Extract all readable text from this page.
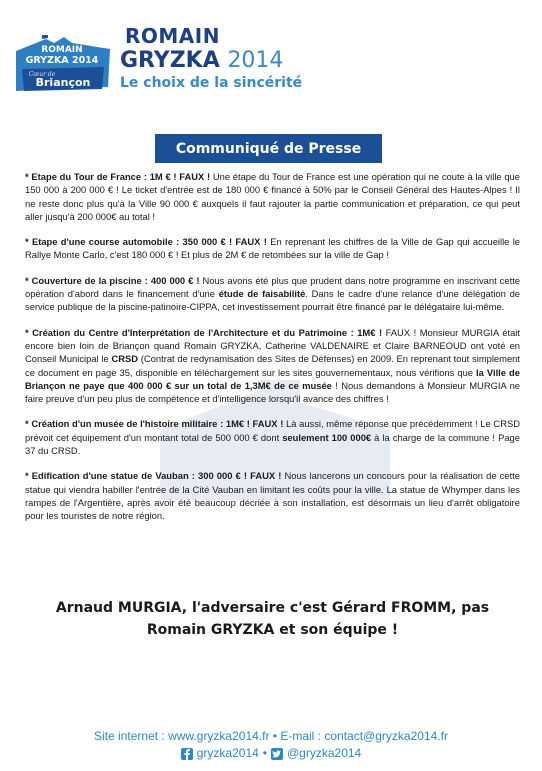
ROMAIN
GRYZKA 2014
Cœur de
Briançon
ROMAIN
GRYZKA 2014
Le choix de la sincérité
Communiqué de Presse

* Etape du Tour de France : 1M € ! FAUX ! Une étape du Tour de France est une opération qui ne coute à la ville que 150 000 à 200 000 € ! Le ticket d'entrée est de 180 000 € financé à 50% par le Conseil Général des Hautes-Alpes ! Il ne reste donc plus qu'à la Ville 90 000 € auxquels il faut rajouter la partie communication et préparation, ce qui peut aller jusqu'à 200 000€ au total !

* Etape d'une course automobile : 350 000 € ! FAUX ! En reprenant les chiffres de la Ville de Gap qui accueille le Rallye Monte Carlo, c'est 180 000 € ! Et plus de 2M € de retombées sur la ville de Gap !

* Couverture de la piscine : 400 000 € ! Nous avons été plus que prudent dans notre programme en inscrivant cette opération d'abord dans le financement d'une étude de faisabilité. Dans le cadre d'une relance d'une délégation de service publique de la piscine-patinoire-CIPPA, cet investissement pourrait être financé par le délégataire lui-même.

* Création du Centre d'Interprétation de l'Architecture et du Patrimoine : 1M€ ! FAUX ! Monsieur MURGIA était encore bien loin de Briançon quand Romain GRYZKA, Catherine VALDENAIRE et Claire BARNEOUD ont voté en Conseil Municipal le CRSD (Contrat de redynamisation des Sites de Défenses) en 2009. En reprenant tout simplement ce document en page 35, disponible en téléchargement sur les sites gouvernementaux, nous vérifions que la Ville de Briançon ne paye que 400 000 € sur un total de 1,3M€ de ce musée ! Nous demandons à Monsieur MURGIA ne faire preuve d'un peu plus de compétence et d'intelligence lorsqu'il avance des chiffres !

* Création d'un musée de l'histoire militaire : 1M€ ! FAUX ! Là aussi, même réponse que précédemment ! Le CRSD prévoit cet équipement d'un montant total de 500 000 € dont seulement 100 000€ à la charge de la commune ! Page 37 du CRSD.

* Edification d'une statue de Vauban : 300 000 € ! FAUX ! Nous lancerons un concours pour la réalisation de cette statue qui viendra habiller l'entrée de la Cité Vauban en limitant les coûts pour la ville. La statue de Whymper dans les rampes de l'Argentière, après avoir été beaucoup décriée à son installation, est désormais un lieu d'arrêt obligatoire pour les touristes de notre région.

Arnaud MURGIA, l'adversaire c'est Gérard FROMM, pas Romain GRYZKA et son équipe !
Site internet : www.gryzka2014.fr • E-mail : contact@gryzka2014.fr
gryzka2014 • @gryzka2014
